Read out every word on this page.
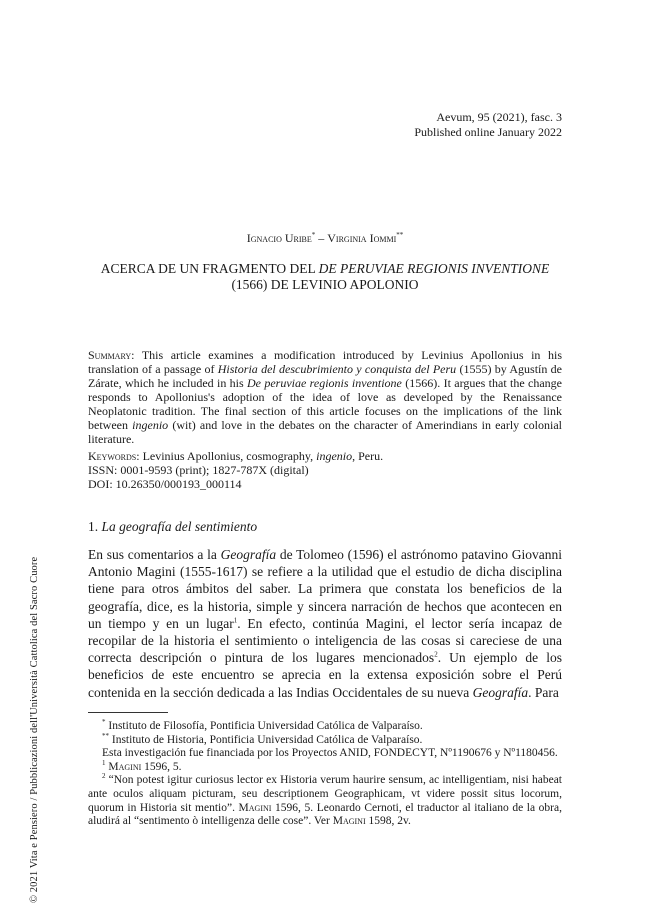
© 2021 Vita e Pensiero / Pubblicazioni dell'Università Cattolica del Sacro Cuore
Aevum, 95 (2021), fasc. 3
Published online January 2022
Ignacio Uribe* – Virginia Iommi**
ACERCA DE UN FRAGMENTO DEL DE PERUVIAE REGIONIS INVENTIONE
(1566) DE LEVINIO APOLONIO
Summary: This article examines a modification introduced by Levinius Apollonius in his translation of a passage of Historia del descubrimiento y conquista del Peru (1555) by Agustín de Zárate, which he included in his De peruviae regionis inventione (1566). It argues that the change responds to Apollonius's adoption of the idea of love as developed by the Renaissance Neoplatonic tradition. The final section of this article focuses on the implications of the link between ingenio (wit) and love in the debates on the character of Amerindians in early colonial literature.
Keywords: Levinius Apollonius, cosmography, ingenio, Peru.
ISSN: 0001-9593 (print); 1827-787X (digital)
DOI: 10.26350/000193_000114
1. La geografía del sentimiento
En sus comentarios a la Geografía de Tolomeo (1596) el astrónomo patavino Giovanni Antonio Magini (1555-1617) se refiere a la utilidad que el estudio de dicha disciplina tiene para otros ámbitos del saber. La primera que constata los beneficios de la geografía, dice, es la historia, simple y sincera narración de hechos que acontecen en un tiempo y en un lugar$^1$. En efecto, continúa Magini, el lector sería incapaz de recopilar de la historia el sentimiento o inteligencia de las cosas si careciese de una correcta descripción o pintura de los lugares mencionados$^2$. Un ejemplo de los beneficios de este encuentro se aprecia en la extensa exposición sobre el Perú contenida en la sección dedicada a las Indias Occidentales de su nueva Geografía. Para

* Instituto de Filosofía, Pontificia Universidad Católica de Valparaíso.

** Instituto de Historia, Pontificia Universidad Católica de Valparaíso.

Esta investigación fue financiada por los Proyectos ANID, FONDECYT, Nº1190676 y Nº1180456.

$^1$ Magini 1596, 5.

$^2$ “Non potest igitur curiosus lector ex Historia verum haurire sensum, ac intelligentiam, nisi habeat ante oculos aliquam picturam, seu descriptionem Geographicam, vt videre possit situs locorum, quorum in Historia sit mentio”. Magini 1596, 5. Leonardo Cernoti, el traductor al italiano de la obra, aludirá al “sentimento ò intelligenza delle cose”. Ver Magini 1598, 2v.
